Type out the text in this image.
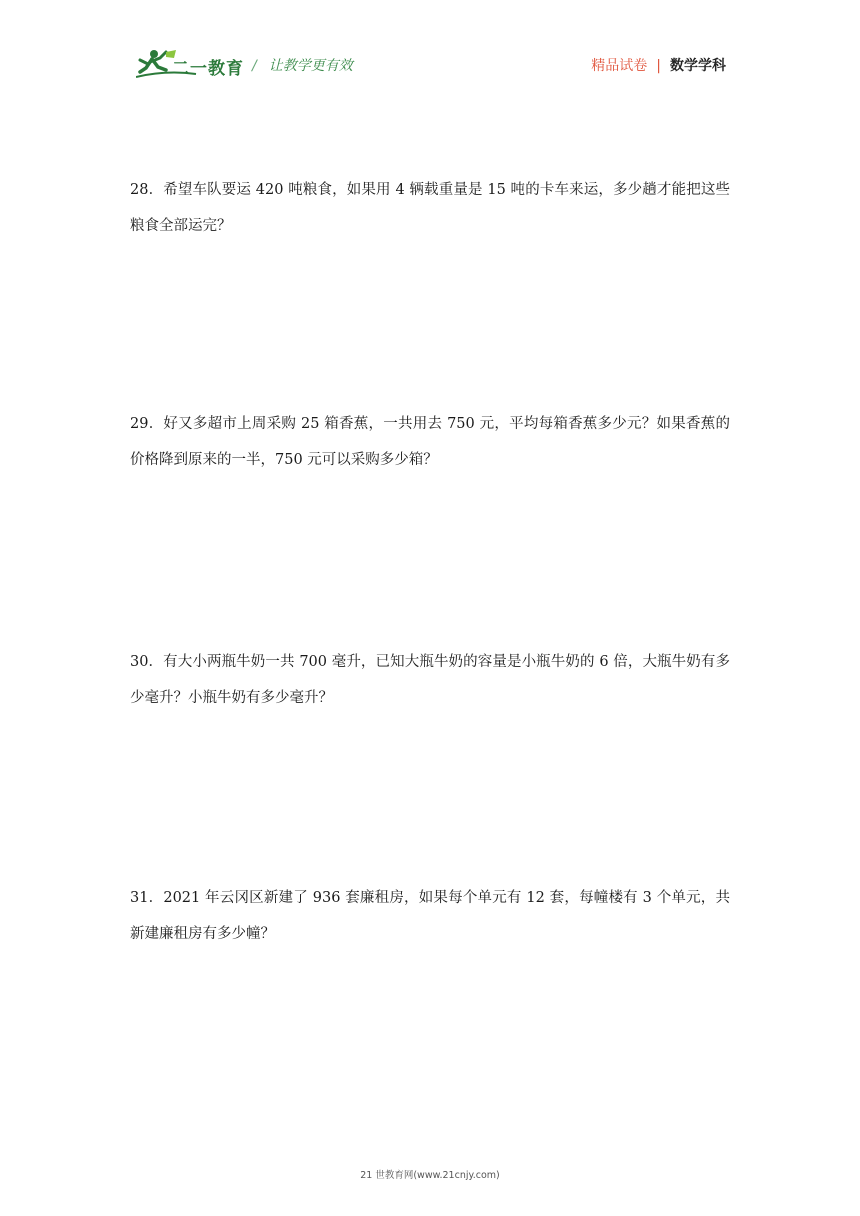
二一教育 / 让教学更有效	精品试卷 | 数学学科
28．希望车队要运 420 吨粮食，如果用 4 辆载重量是 15 吨的卡车来运，多少趟才能把这些粮食全部运完？
29．好又多超市上周采购 25 箱香蕉，一共用去 750 元，平均每箱香蕉多少元？如果香蕉的价格降到原来的一半，750 元可以采购多少箱？
30．有大小两瓶牛奶一共 700 毫升，已知大瓶牛奶的容量是小瓶牛奶的 6 倍，大瓶牛奶有多少毫升？小瓶牛奶有多少毫升？
31．2021 年云冈区新建了 936 套廉租房，如果每个单元有 12 套，每幢楼有 3 个单元，共新建廉租房有多少幢？
21 世教育网(www.21cnjy.com)
